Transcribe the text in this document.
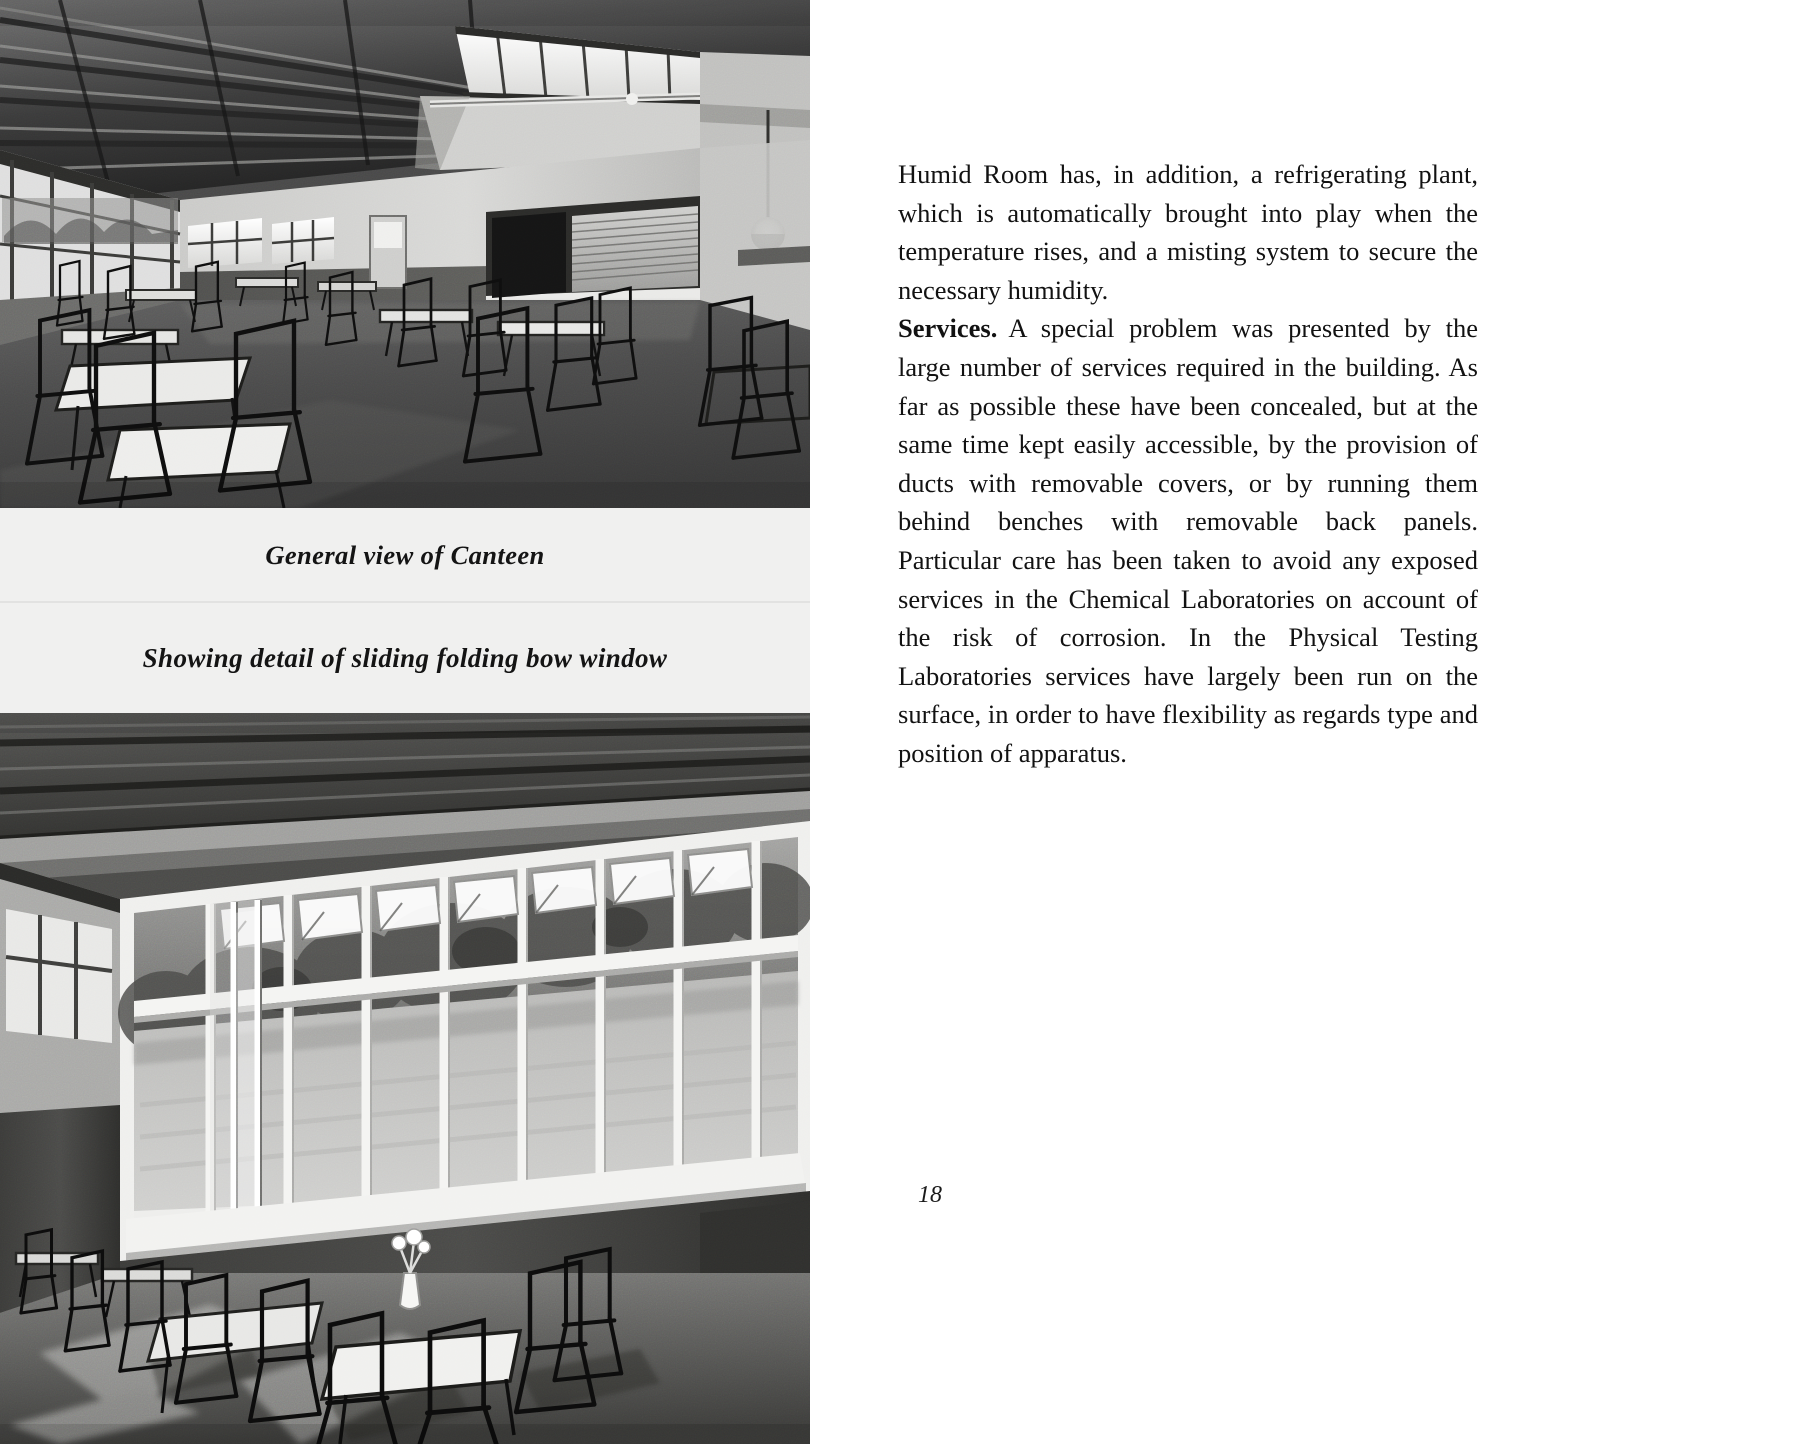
General view of Canteen
Showing detail of sliding folding bow window

Humid Room has, in addition, a refrigerating plant, which is automatically brought into play when the temperature rises, and a misting system to secure the necessary humidity.

Services. A special problem was presented by the large number of services required in the building. As far as possible these have been concealed, but at the same time kept easily accessible, by the provision of ducts with removable covers, or by running them behind benches with removable back panels. Particular care has been taken to avoid any exposed services in the Chemical Laboratories on account of the risk of corrosion. In the Physical Testing Laboratories services have largely been run on the surface, in order to have flexibility as regards type and position of apparatus.

18
